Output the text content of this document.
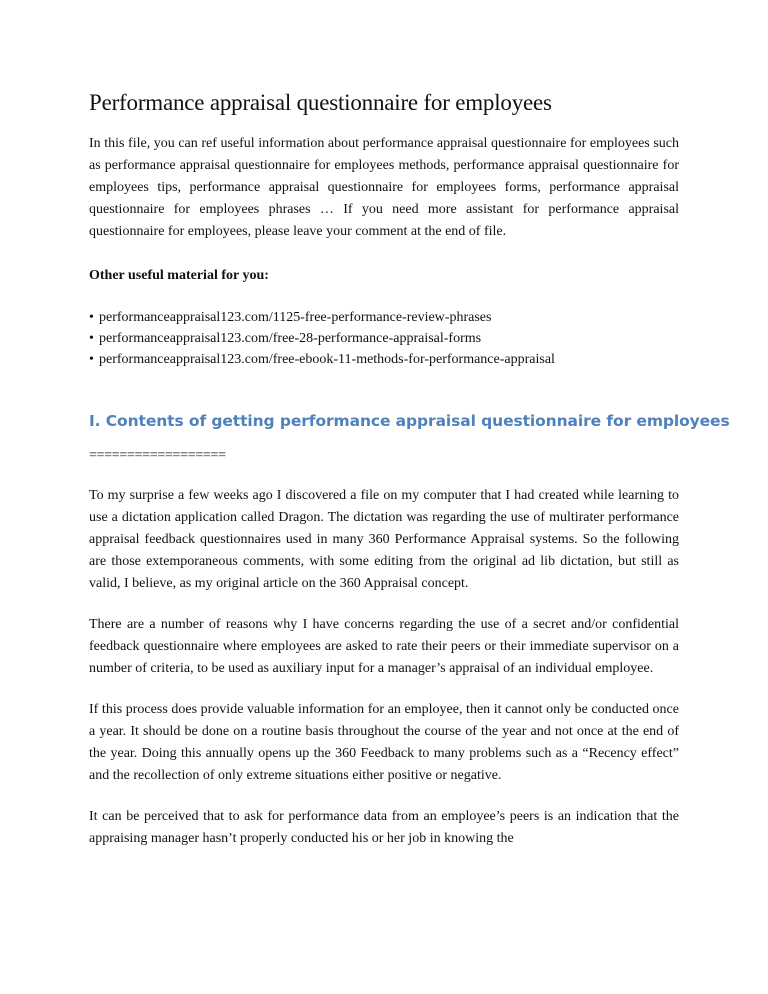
Performance appraisal questionnaire for employees

In this file, you can ref useful information about performance appraisal questionnaire for employees such as performance appraisal questionnaire for employees methods, performance appraisal questionnaire for employees tips, performance appraisal questionnaire for employees forms, performance appraisal questionnaire for employees phrases … If you need more assistant for performance appraisal questionnaire for employees, please leave your comment at the end of file.

Other useful material for you:

• performanceappraisal123.com/1125-free-performance-review-phrases
• performanceappraisal123.com/free-28-performance-appraisal-forms
• performanceappraisal123.com/free-ebook-11-methods-for-performance-appraisal
I. Contents of getting performance appraisal questionnaire for employees

==================

To my surprise a few weeks ago I discovered a file on my computer that I had created while learning to use a dictation application called Dragon. The dictation was regarding the use of multirater performance appraisal feedback questionnaires used in many 360 Performance Appraisal systems. So the following are those extemporaneous comments, with some editing from the original ad lib dictation, but still as valid, I believe, as my original article on the 360 Appraisal concept.

There are a number of reasons why I have concerns regarding the use of a secret and/or confidential feedback questionnaire where employees are asked to rate their peers or their immediate supervisor on a number of criteria, to be used as auxiliary input for a manager’s appraisal of an individual employee.

If this process does provide valuable information for an employee, then it cannot only be conducted once a year. It should be done on a routine basis throughout the course of the year and not once at the end of the year. Doing this annually opens up the 360 Feedback to many problems such as a “Recency effect” and the recollection of only extreme situations either positive or negative.

It can be perceived that to ask for performance data from an employee’s peers is an indication that the appraising manager hasn’t properly conducted his or her job in knowing the
